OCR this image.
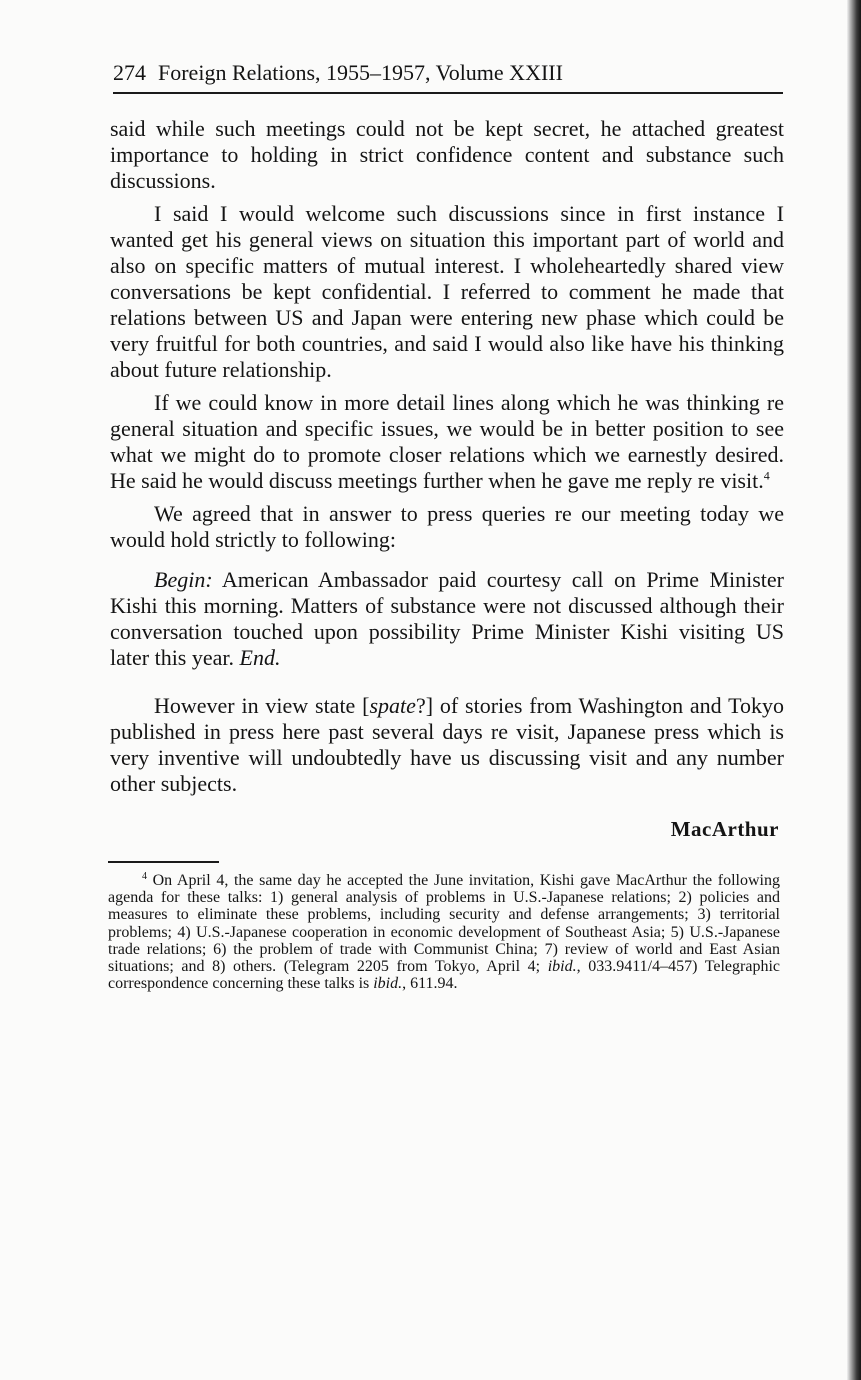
274 Foreign Relations, 1955–1957, Volume XXIII

said while such meetings could not be kept secret, he attached greatest importance to holding in strict confidence content and substance such discussions.

I said I would welcome such discussions since in first instance I wanted get his general views on situation this important part of world and also on specific matters of mutual interest. I wholeheartedly shared view conversations be kept confidential. I referred to comment he made that relations between US and Japan were entering new phase which could be very fruitful for both countries, and said I would also like have his thinking about future relationship.

If we could know in more detail lines along which he was thinking re general situation and specific issues, we would be in better position to see what we might do to promote closer relations which we earnestly desired. He said he would discuss meetings further when he gave me reply re visit.$^4$

We agreed that in answer to press queries re our meeting today we would hold strictly to following:

Begin: American Ambassador paid courtesy call on Prime Minister Kishi this morning. Matters of substance were not discussed although their conversation touched upon possibility Prime Minister Kishi visiting US later this year. End.

However in view state [spate?] of stories from Washington and Tokyo published in press here past several days re visit, Japanese press which is very inventive will undoubtedly have us discussing visit and any number other subjects.

MacArthur
$^4$ On April 4, the same day he accepted the June invitation, Kishi gave MacArthur the following agenda for these talks: 1) general analysis of problems in U.S.-Japanese relations; 2) policies and measures to eliminate these problems, including security and defense arrangements; 3) territorial problems; 4) U.S.-Japanese cooperation in economic development of Southeast Asia; 5) U.S.-Japanese trade relations; 6) the problem of trade with Communist China; 7) review of world and East Asian situations; and 8) others. (Telegram 2205 from Tokyo, April 4; ibid., 033.9411/4–457) Telegraphic correspondence concerning these talks is ibid., 611.94.
